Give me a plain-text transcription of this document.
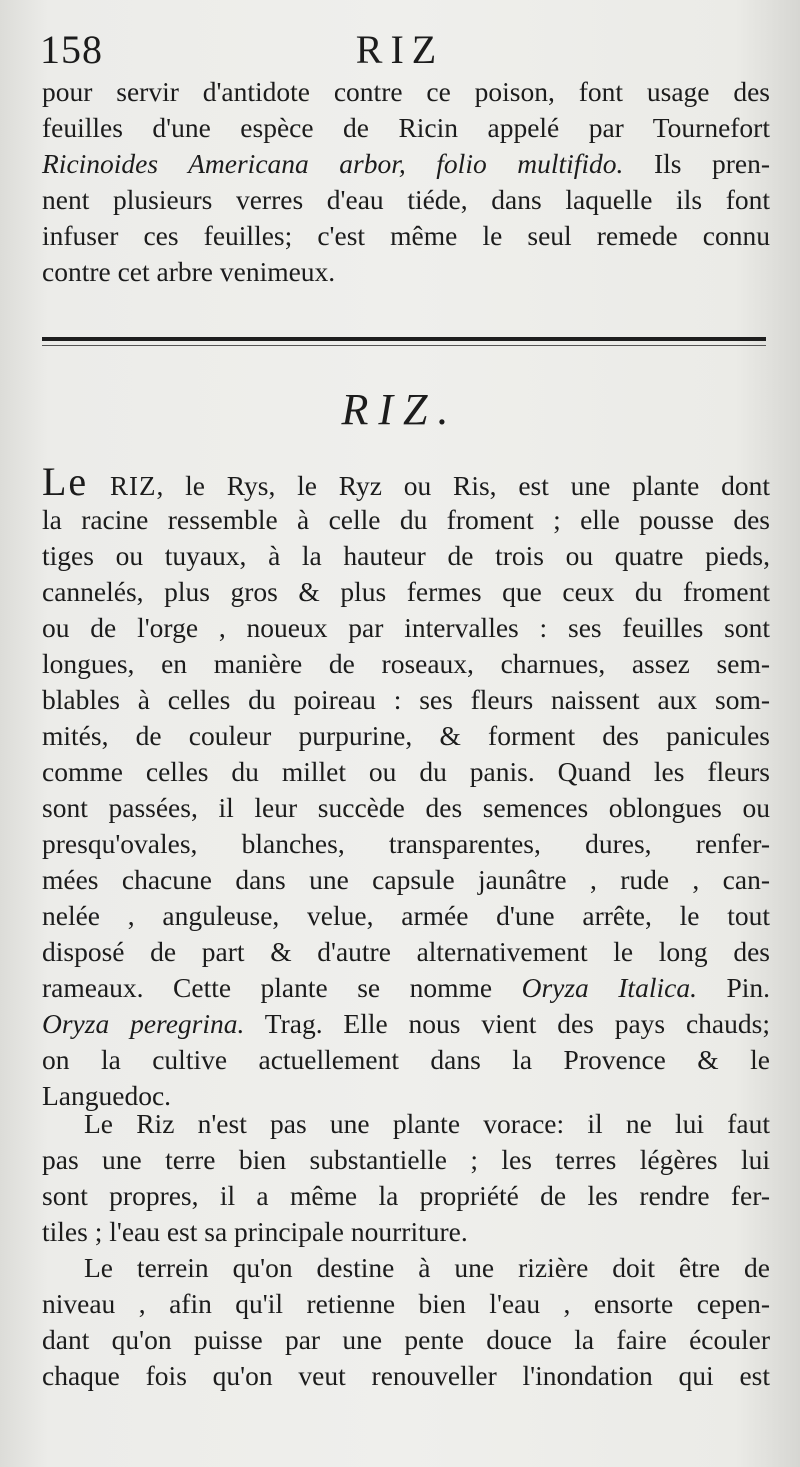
158	RIZ
pour servir d'antidote contre ce poison, font usage des
feuilles d'une espèce de Ricin appelé par Tournefort
Ricinoides Americana arbor, folio multifido. Ils pren-
nent plusieurs verres d'eau tiéde, dans laquelle ils font
infuser ces feuilles; c'est même le seul remede connu
contre cet arbre venimeux.
RIZ.
Le RIZ, le Rys, le Ryz ou Ris, est une plante dont
la racine ressemble à celle du froment ; elle pousse des
tiges ou tuyaux, à la hauteur de trois ou quatre pieds,
cannelés, plus gros & plus fermes que ceux du froment
ou de l'orge , noueux par intervalles : ses feuilles sont
longues, en manière de roseaux, charnues, assez sem-
blables à celles du poireau : ses fleurs naissent aux som-
mités, de couleur purpurine, & forment des panicules
comme celles du millet ou du panis. Quand les fleurs
sont passées, il leur succède des semences oblongues ou
presqu'ovales, blanches, transparentes, dures, renfer-
mées chacune dans une capsule jaunâtre , rude , can-
nelée , anguleuse, velue, armée d'une arrête, le tout
disposé de part & d'autre alternativement le long des
rameaux. Cette plante se nomme Oryza Italica. Pin.
Oryza peregrina. Trag. Elle nous vient des pays chauds;
on la cultive actuellement dans la Provence & le
Languedoc.
Le Riz n'est pas une plante vorace: il ne lui faut
pas une terre bien substantielle ; les terres légères lui
sont propres, il a même la propriété de les rendre fer-
tiles ; l'eau est sa principale nourriture.
Le terrein qu'on destine à une rizière doit être de
niveau , afin qu'il retienne bien l'eau , ensorte cepen-
dant qu'on puisse par une pente douce la faire écouler
chaque fois qu'on veut renouveller l'inondation qui est
